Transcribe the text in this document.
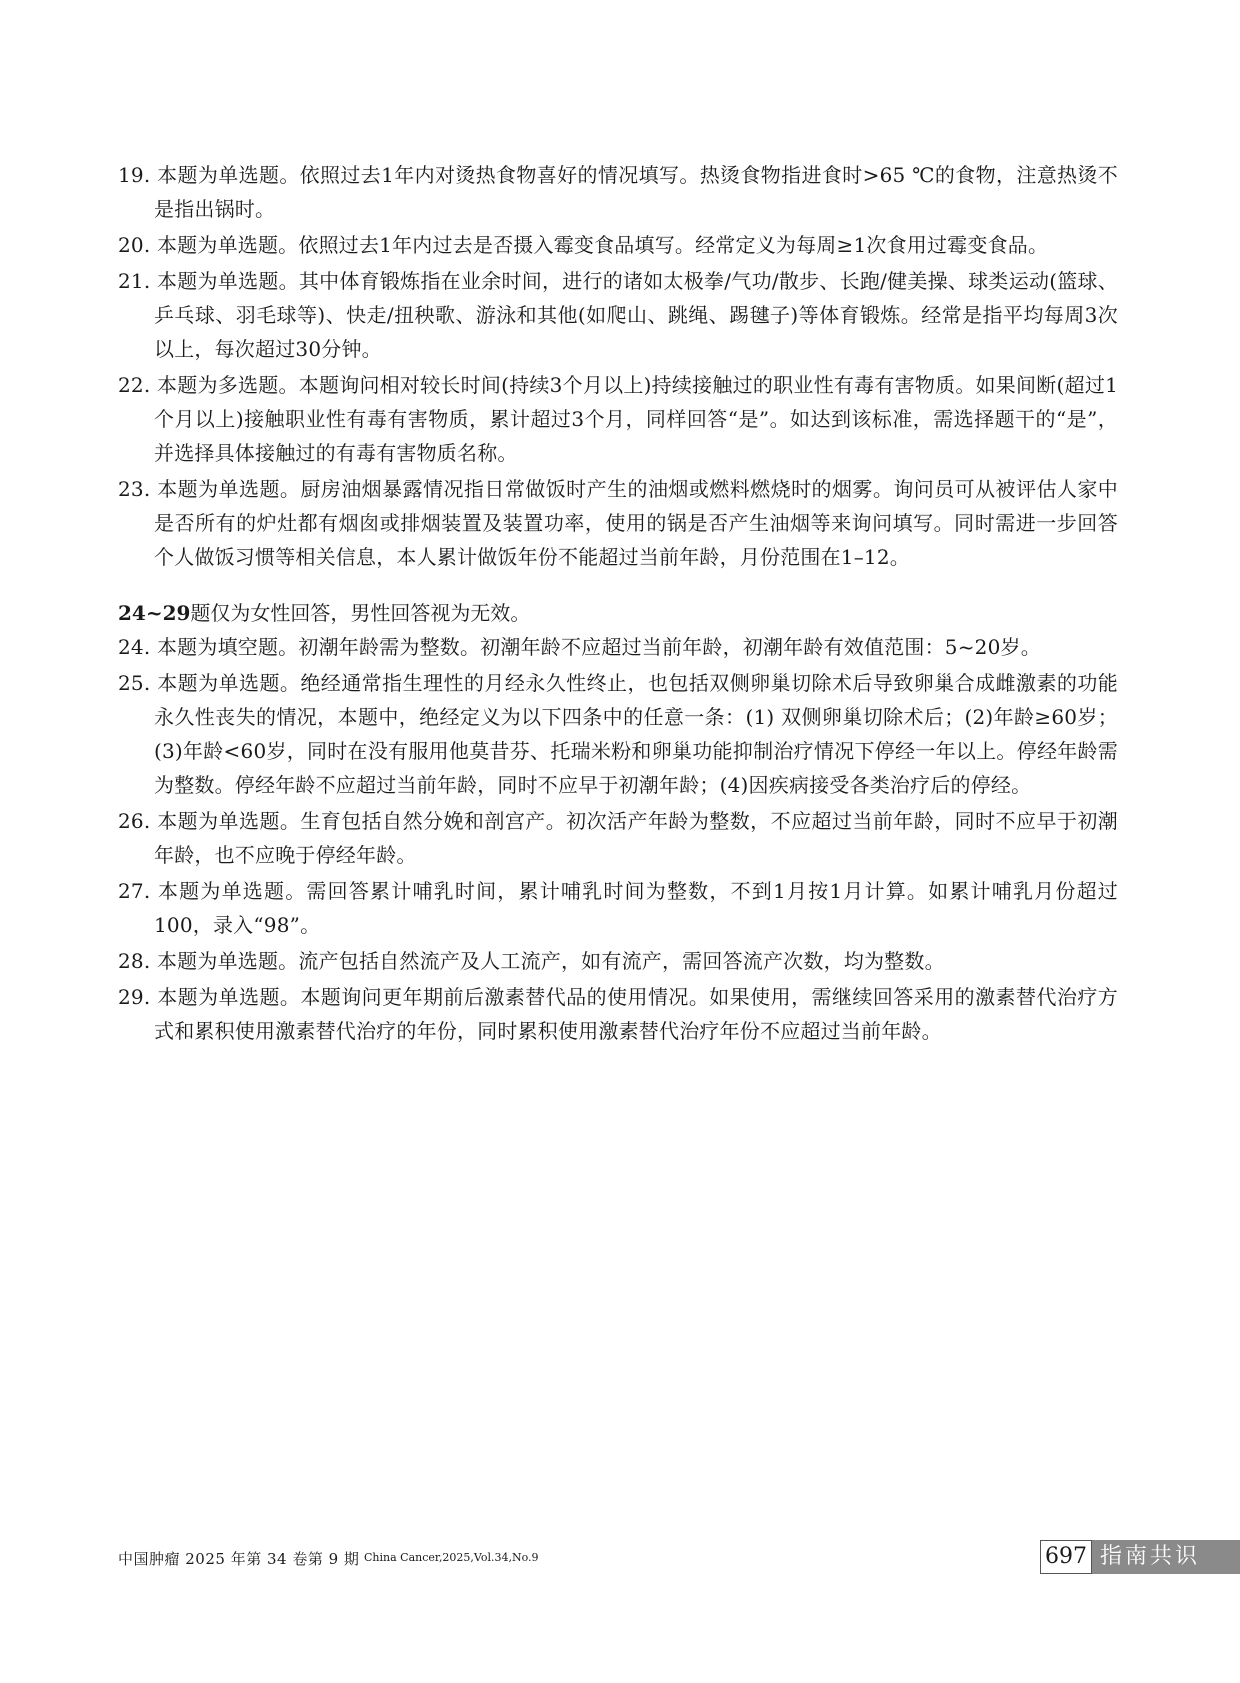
19. 本题为单选题。依照过去1年内对烫热食物喜好的情况填写。热烫食物指进食时>65 ℃的食物，注意热烫不是指出锅时。

20. 本题为单选题。依照过去1年内过去是否摄入霉变食品填写。经常定义为每周≥1次食用过霉变食品。

21. 本题为单选题。其中体育锻炼指在业余时间，进行的诸如太极拳/气功/散步、长跑/健美操、球类运动(篮球、乒乓球、羽毛球等)、快走/扭秧歌、游泳和其他(如爬山、跳绳、踢毽子)等体育锻炼。经常是指平均每周3次以上，每次超过30分钟。

22. 本题为多选题。本题询问相对较长时间(持续3个月以上)持续接触过的职业性有毒有害物质。如果间断(超过1个月以上)接触职业性有毒有害物质，累计超过3个月，同样回答“是”。如达到该标准，需选择题干的“是”，并选择具体接触过的有毒有害物质名称。

23. 本题为单选题。厨房油烟暴露情况指日常做饭时产生的油烟或燃料燃烧时的烟雾。询问员可从被评估人家中是否所有的炉灶都有烟囱或排烟装置及装置功率，使用的锅是否产生油烟等来询问填写。同时需进一步回答个人做饭习惯等相关信息，本人累计做饭年份不能超过当前年龄，月份范围在1–12。

24~29题仅为女性回答，男性回答视为无效。

24. 本题为填空题。初潮年龄需为整数。初潮年龄不应超过当前年龄，初潮年龄有效值范围：5~20岁。

25. 本题为单选题。绝经通常指生理性的月经永久性终止，也包括双侧卵巢切除术后导致卵巢合成雌激素的功能永久性丧失的情况，本题中，绝经定义为以下四条中的任意一条：(1) 双侧卵巢切除术后；(2)年龄≥60岁；(3)年龄<60岁，同时在没有服用他莫昔芬、托瑞米粉和卵巢功能抑制治疗情况下停经一年以上。停经年龄需为整数。停经年龄不应超过当前年龄，同时不应早于初潮年龄；(4)因疾病接受各类治疗后的停经。

26. 本题为单选题。生育包括自然分娩和剖宫产。初次活产年龄为整数，不应超过当前年龄，同时不应早于初潮年龄，也不应晚于停经年龄。

27. 本题为单选题。需回答累计哺乳时间，累计哺乳时间为整数，不到1月按1月计算。如累计哺乳月份超过100，录入“98”。

28. 本题为单选题。流产包括自然流产及人工流产，如有流产，需回答流产次数，均为整数。

29. 本题为单选题。本题询问更年期前后激素替代品的使用情况。如果使用，需继续回答采用的激素替代治疗方式和累积使用激素替代治疗的年份，同时累积使用激素替代治疗年份不应超过当前年龄。

中国肿瘤 2025 年第 34 卷第 9 期 China Cancer,2025,Vol.34,No.9	697 指南共识
